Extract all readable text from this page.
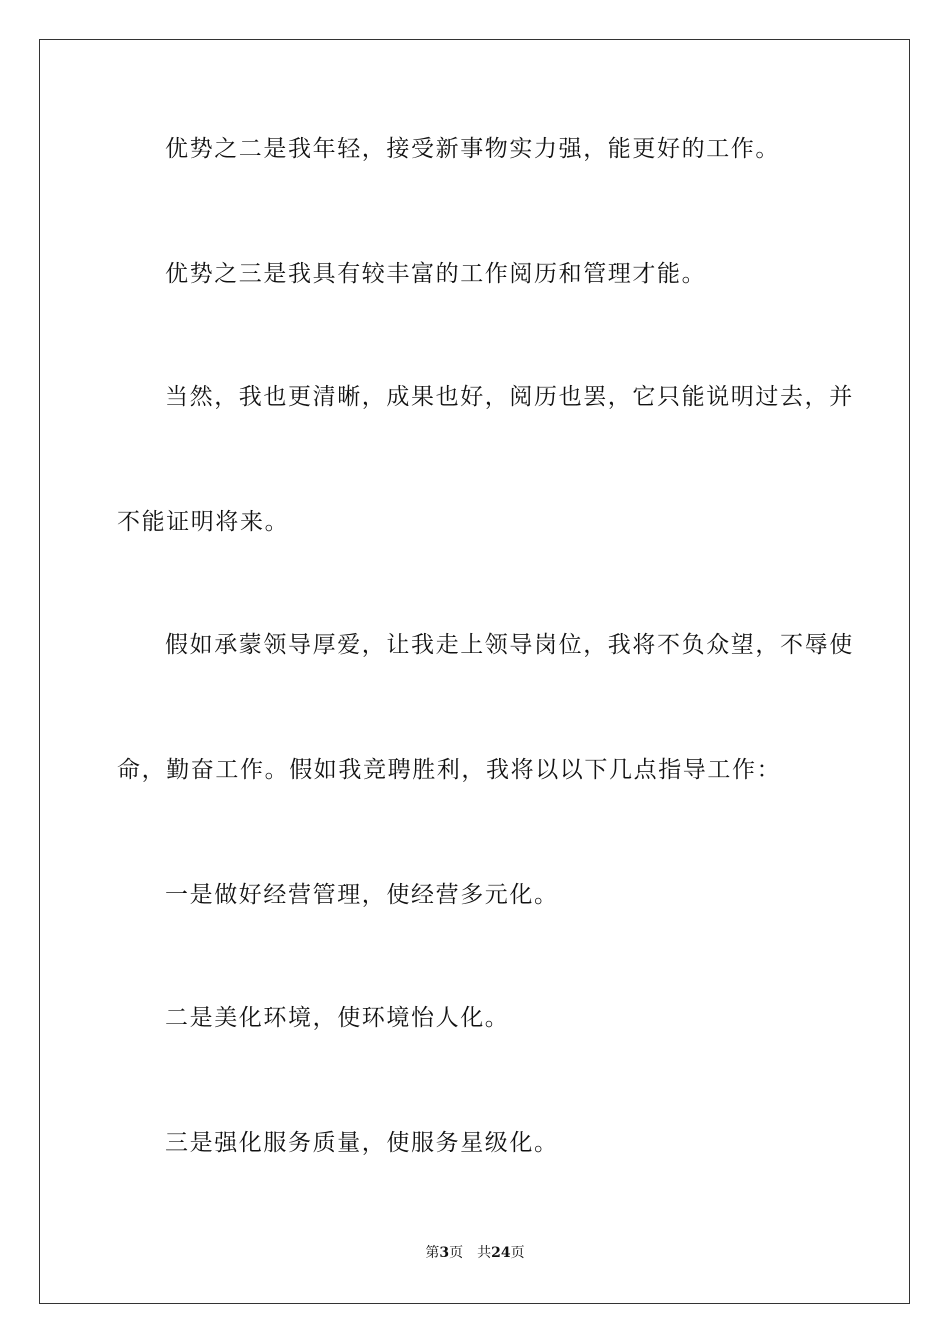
优势之二是我年轻，接受新事物实力强，能更好的工作。
优势之三是我具有较丰富的工作阅历和管理才能。
当然，我也更清晰，成果也好，阅历也罢，它只能说明过去，并
不能证明将来。
假如承蒙领导厚爱，让我走上领导岗位，我将不负众望，不辱使
命，勤奋工作。假如我竞聘胜利，我将以以下几点指导工作：
一是做好经营管理，使经营多元化。
二是美化环境，使环境怡人化。
三是强化服务质量，使服务星级化。
第3页 共24页
